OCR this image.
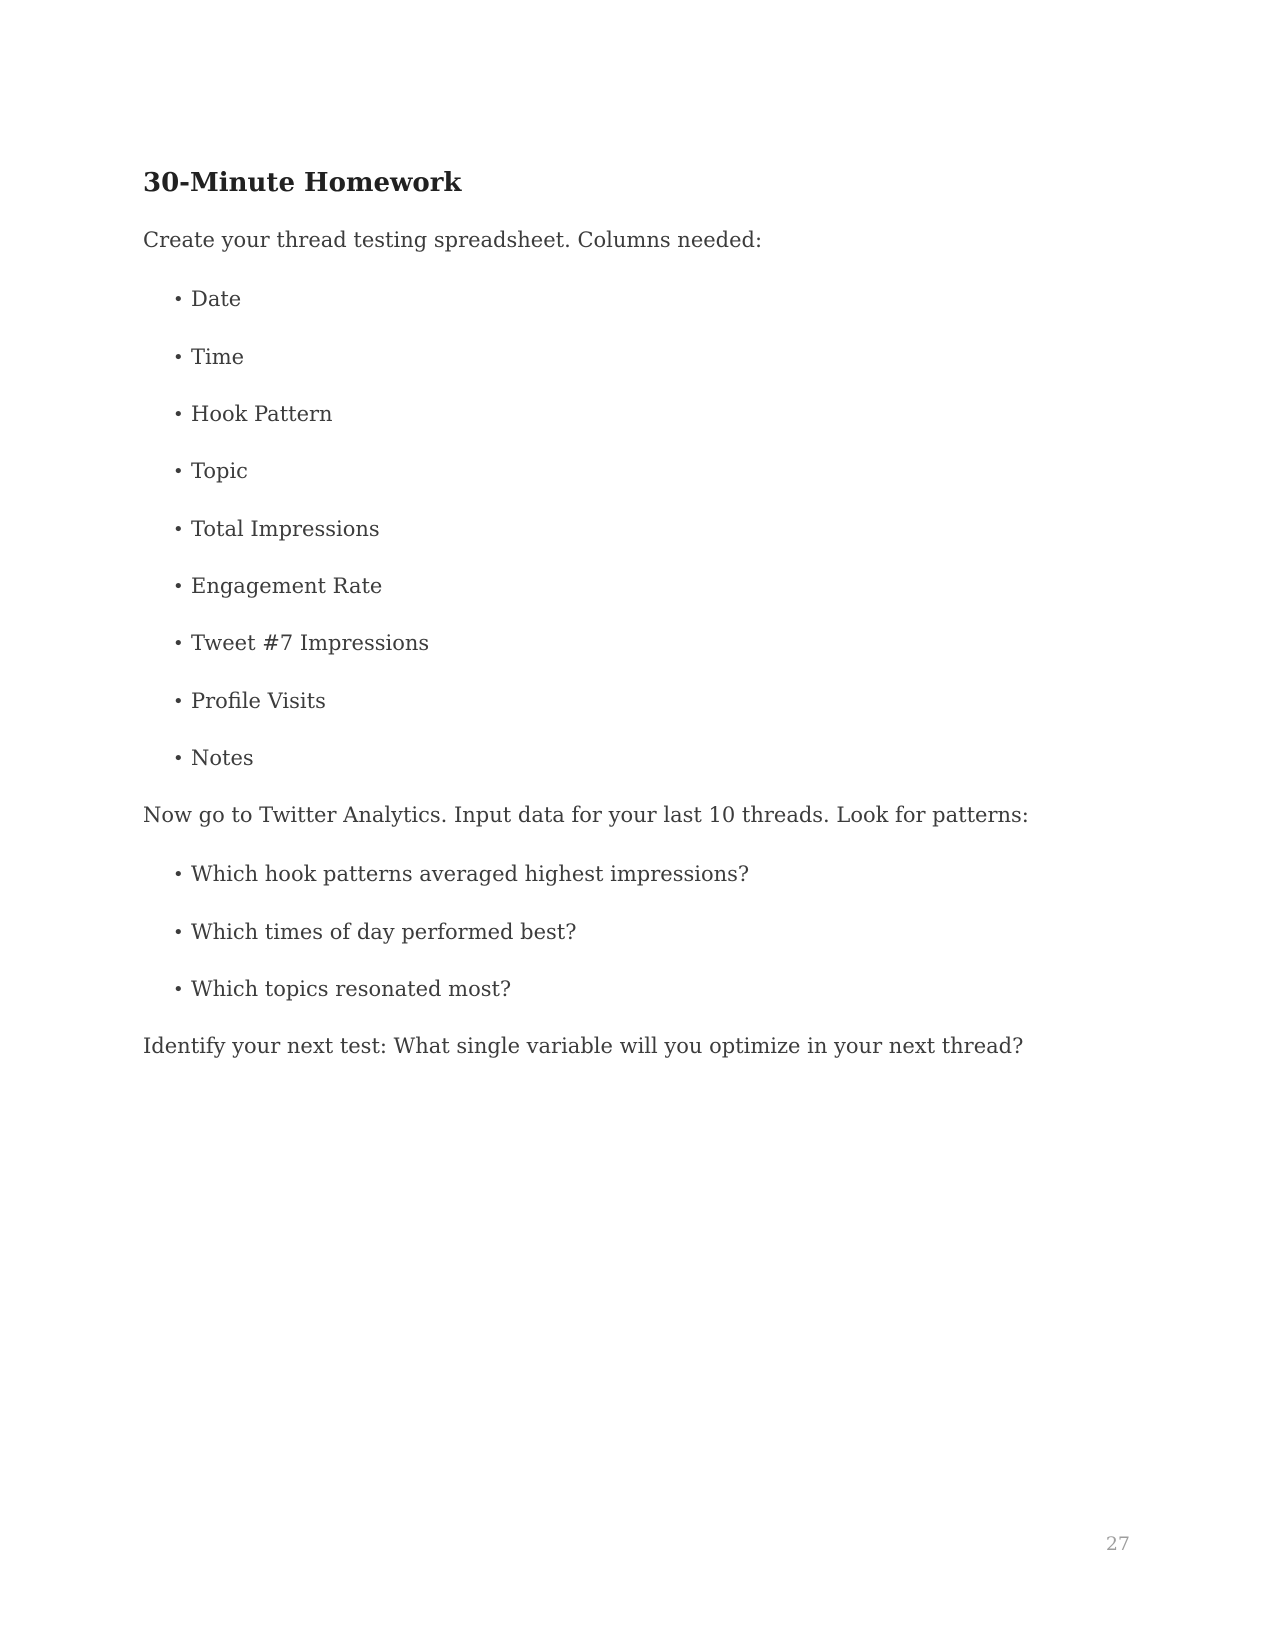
30-Minute Homework

Create your thread testing spreadsheet. Columns needed:

• Date
• Time
• Hook Pattern
• Topic
• Total Impressions
• Engagement Rate
• Tweet #7 Impressions
• Profile Visits
• Notes

Now go to Twitter Analytics. Input data for your last 10 threads. Look for patterns:

• Which hook patterns averaged highest impressions?
• Which times of day performed best?
• Which topics resonated most?

Identify your next test: What single variable will you optimize in your next thread?

27
